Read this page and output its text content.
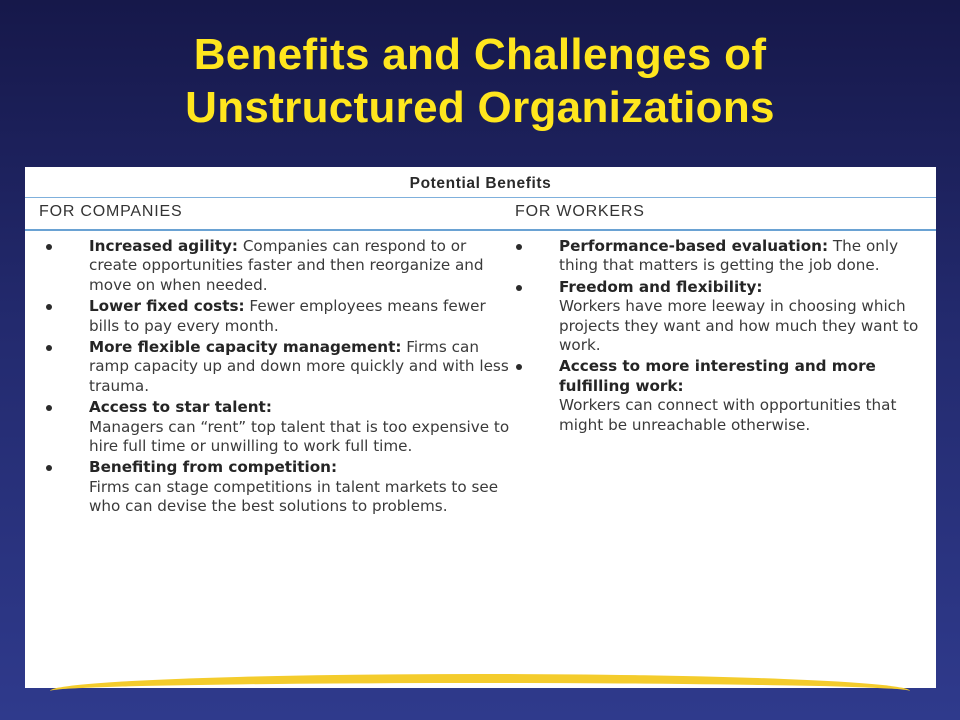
Benefits and Challenges of
Unstructured Organizations
Potential Benefits
FOR COMPANIES	FOR WORKERS
Increased agility: Companies can respond to or create opportunities faster and then reorganize and move on when needed.
Lower fixed costs: Fewer employees means fewer bills to pay every month.
More flexible capacity management: Firms can ramp capacity up and down more quickly and with less trauma.
Access to star talent:
Managers can “rent” top talent that is too expensive to hire full time or unwilling to work full time.
Benefiting from competition:
Firms can stage competitions in talent markets to see who can devise the best solutions to problems.
Performance-based evaluation: The only thing that matters is getting the job done.
Freedom and flexibility:
Workers have more leeway in choosing which projects they want and how much they want to work.
Access to more interesting and more fulfilling work:
Workers can connect with opportunities that might be unreachable otherwise.
